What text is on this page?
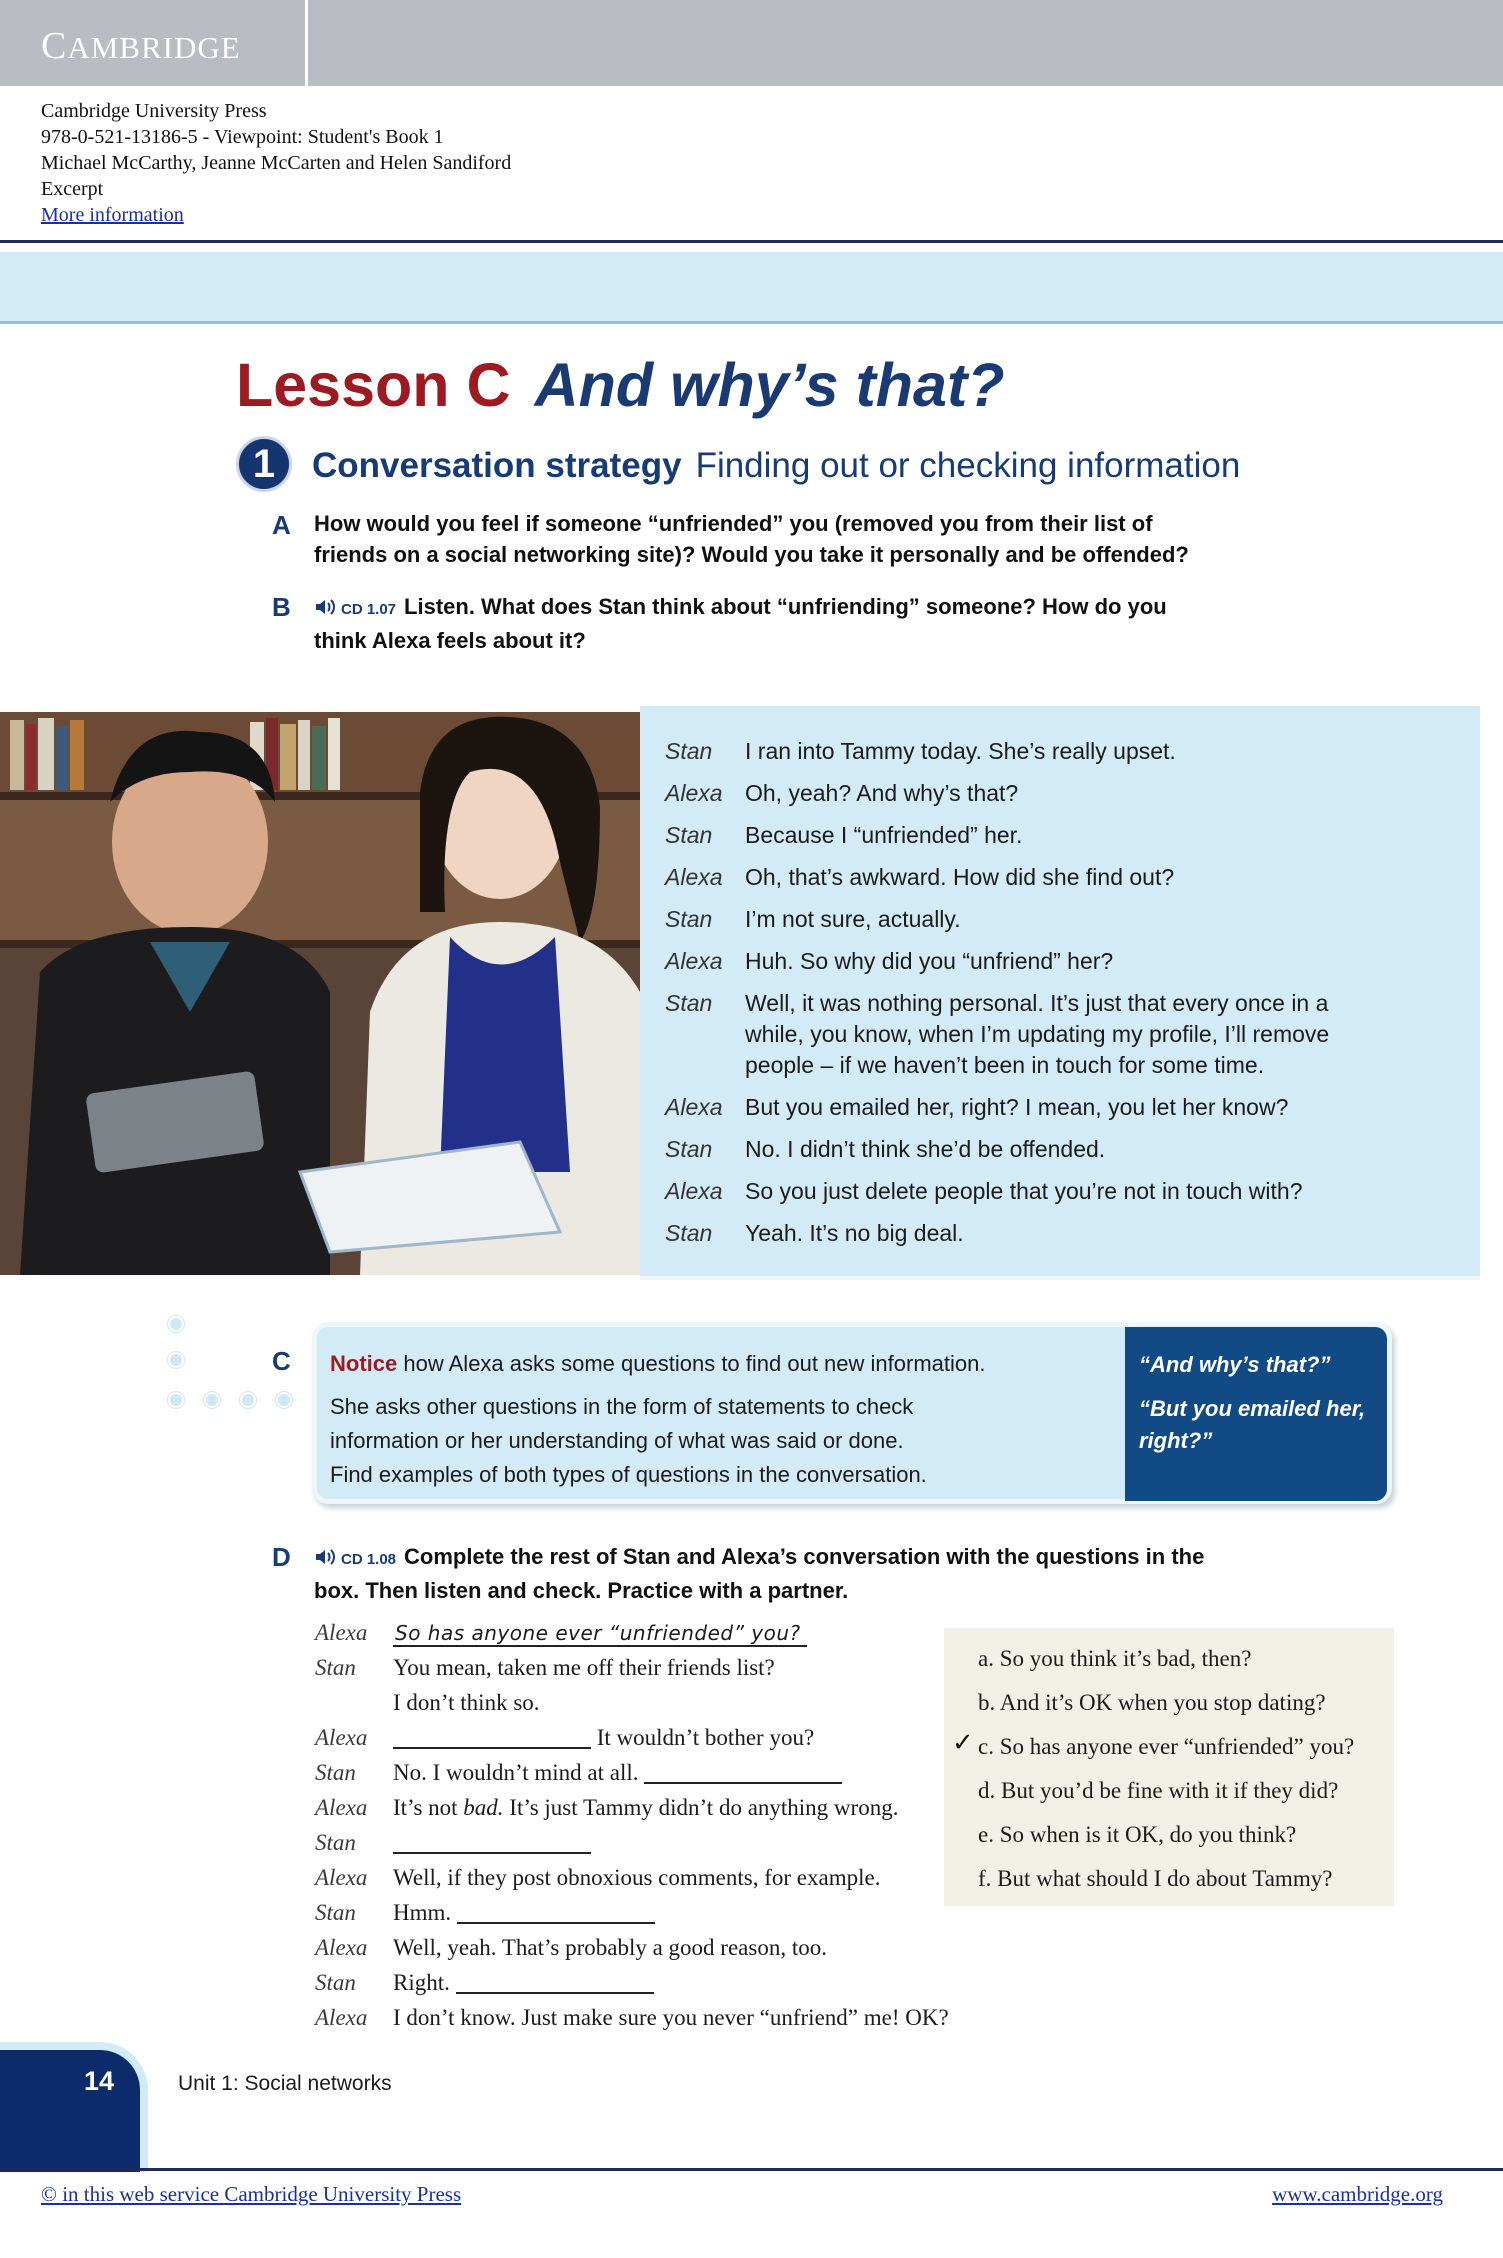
CAMBRIDGE
Cambridge University Press
978-0-521-13186-5 - Viewpoint: Student's Book 1
Michael McCarthy, Jeanne McCarten and Helen Sandiford
Excerpt
More information
Lesson C And why’s that?
1	Conversation strategy Finding out or checking information
A How would you feel if someone “unfriended” you (removed you from their list of
friends on a social networking site)? Would you take it personally and be offended?
B	CD 1.07 Listen. What does Stan think about “unfriending” someone? How do you
think Alexa feels about it?
Stan	I ran into Tammy today. She’s really upset.
Alexa Oh, yeah? And why’s that?
Stan	Because I “unfriended” her.
Alexa Oh, that’s awkward. How did she find out?
Stan	I’m not sure, actually.
Alexa Huh. So why did you “unfriend” her?
Stan	Well, it was nothing personal. It’s just that every once in a
while, you know, when I’m updating my profile, I’ll remove
people – if we haven’t been in touch for some time.
Alexa But you emailed her, right? I mean, you let her know?
Stan	No. I didn’t think she’d be offended.
Alexa So you just delete people that you’re not in touch with?
Stan	Yeah. It’s no big deal.
C Notice how Alexa asks some questions to find out new information.
She asks other questions in the form of statements to check
information or her understanding of what was said or done.
Find examples of both types of questions in the conversation.
“And why’s that?”
“But you emailed her, right?”
D	CD 1.08 Complete the rest of Stan and Alexa’s conversation with the questions in the
box. Then listen and check. Practice with a partner.
Alexa So has anyone ever “unfriended” you?
Stan You mean, taken me off their friends list?
I don’t think so.
Alexa	It wouldn’t bother you?
Stan No. I wouldn’t mind at all.
Alexa It’s not bad. It’s just Tammy didn’t do anything wrong.
Stan
Alexa Well, if they post obnoxious comments, for example.
Stan Hmm.
Alexa Well, yeah. That’s probably a good reason, too.
Stan Right.
Alexa I don’t know. Just make sure you never “unfriend” me! OK?
a. So you think it’s bad, then?
b. And it’s OK when you stop dating?
✓ c. So has anyone ever “unfriended” you?
d. But you’d be fine with it if they did?
e. So when is it OK, do you think?
f. But what should I do about Tammy?
14	Unit 1: Social networks
© in this web service Cambridge University Press	www.cambridge.org
